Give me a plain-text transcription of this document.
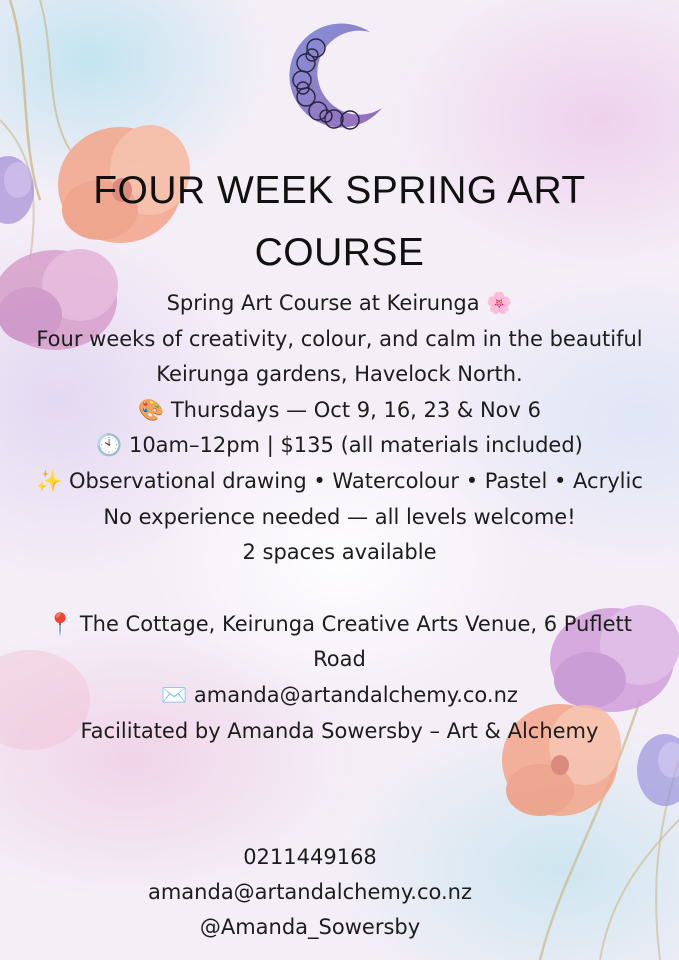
FOUR WEEK SPRING ART COURSE
Spring Art Course at Keirunga 🌸
Four weeks of creativity, colour, and calm in the beautiful Keirunga gardens, Havelock North.
🎨 Thursdays — Oct 9, 16, 23 & Nov 6
🕙 10am–12pm | $135 (all materials included)
✨ Observational drawing • Watercolour • Pastel • Acrylic
No experience needed — all levels welcome!
2 spaces available
📍 The Cottage, Keirunga Creative Arts Venue, 6 Puflett Road
✉️ amanda@artandalchemy.co.nz
Facilitated by Amanda Sowersby – Art & Alchemy
0211449168
amanda@artandalchemy.co.nz
@Amanda_Sowersby
